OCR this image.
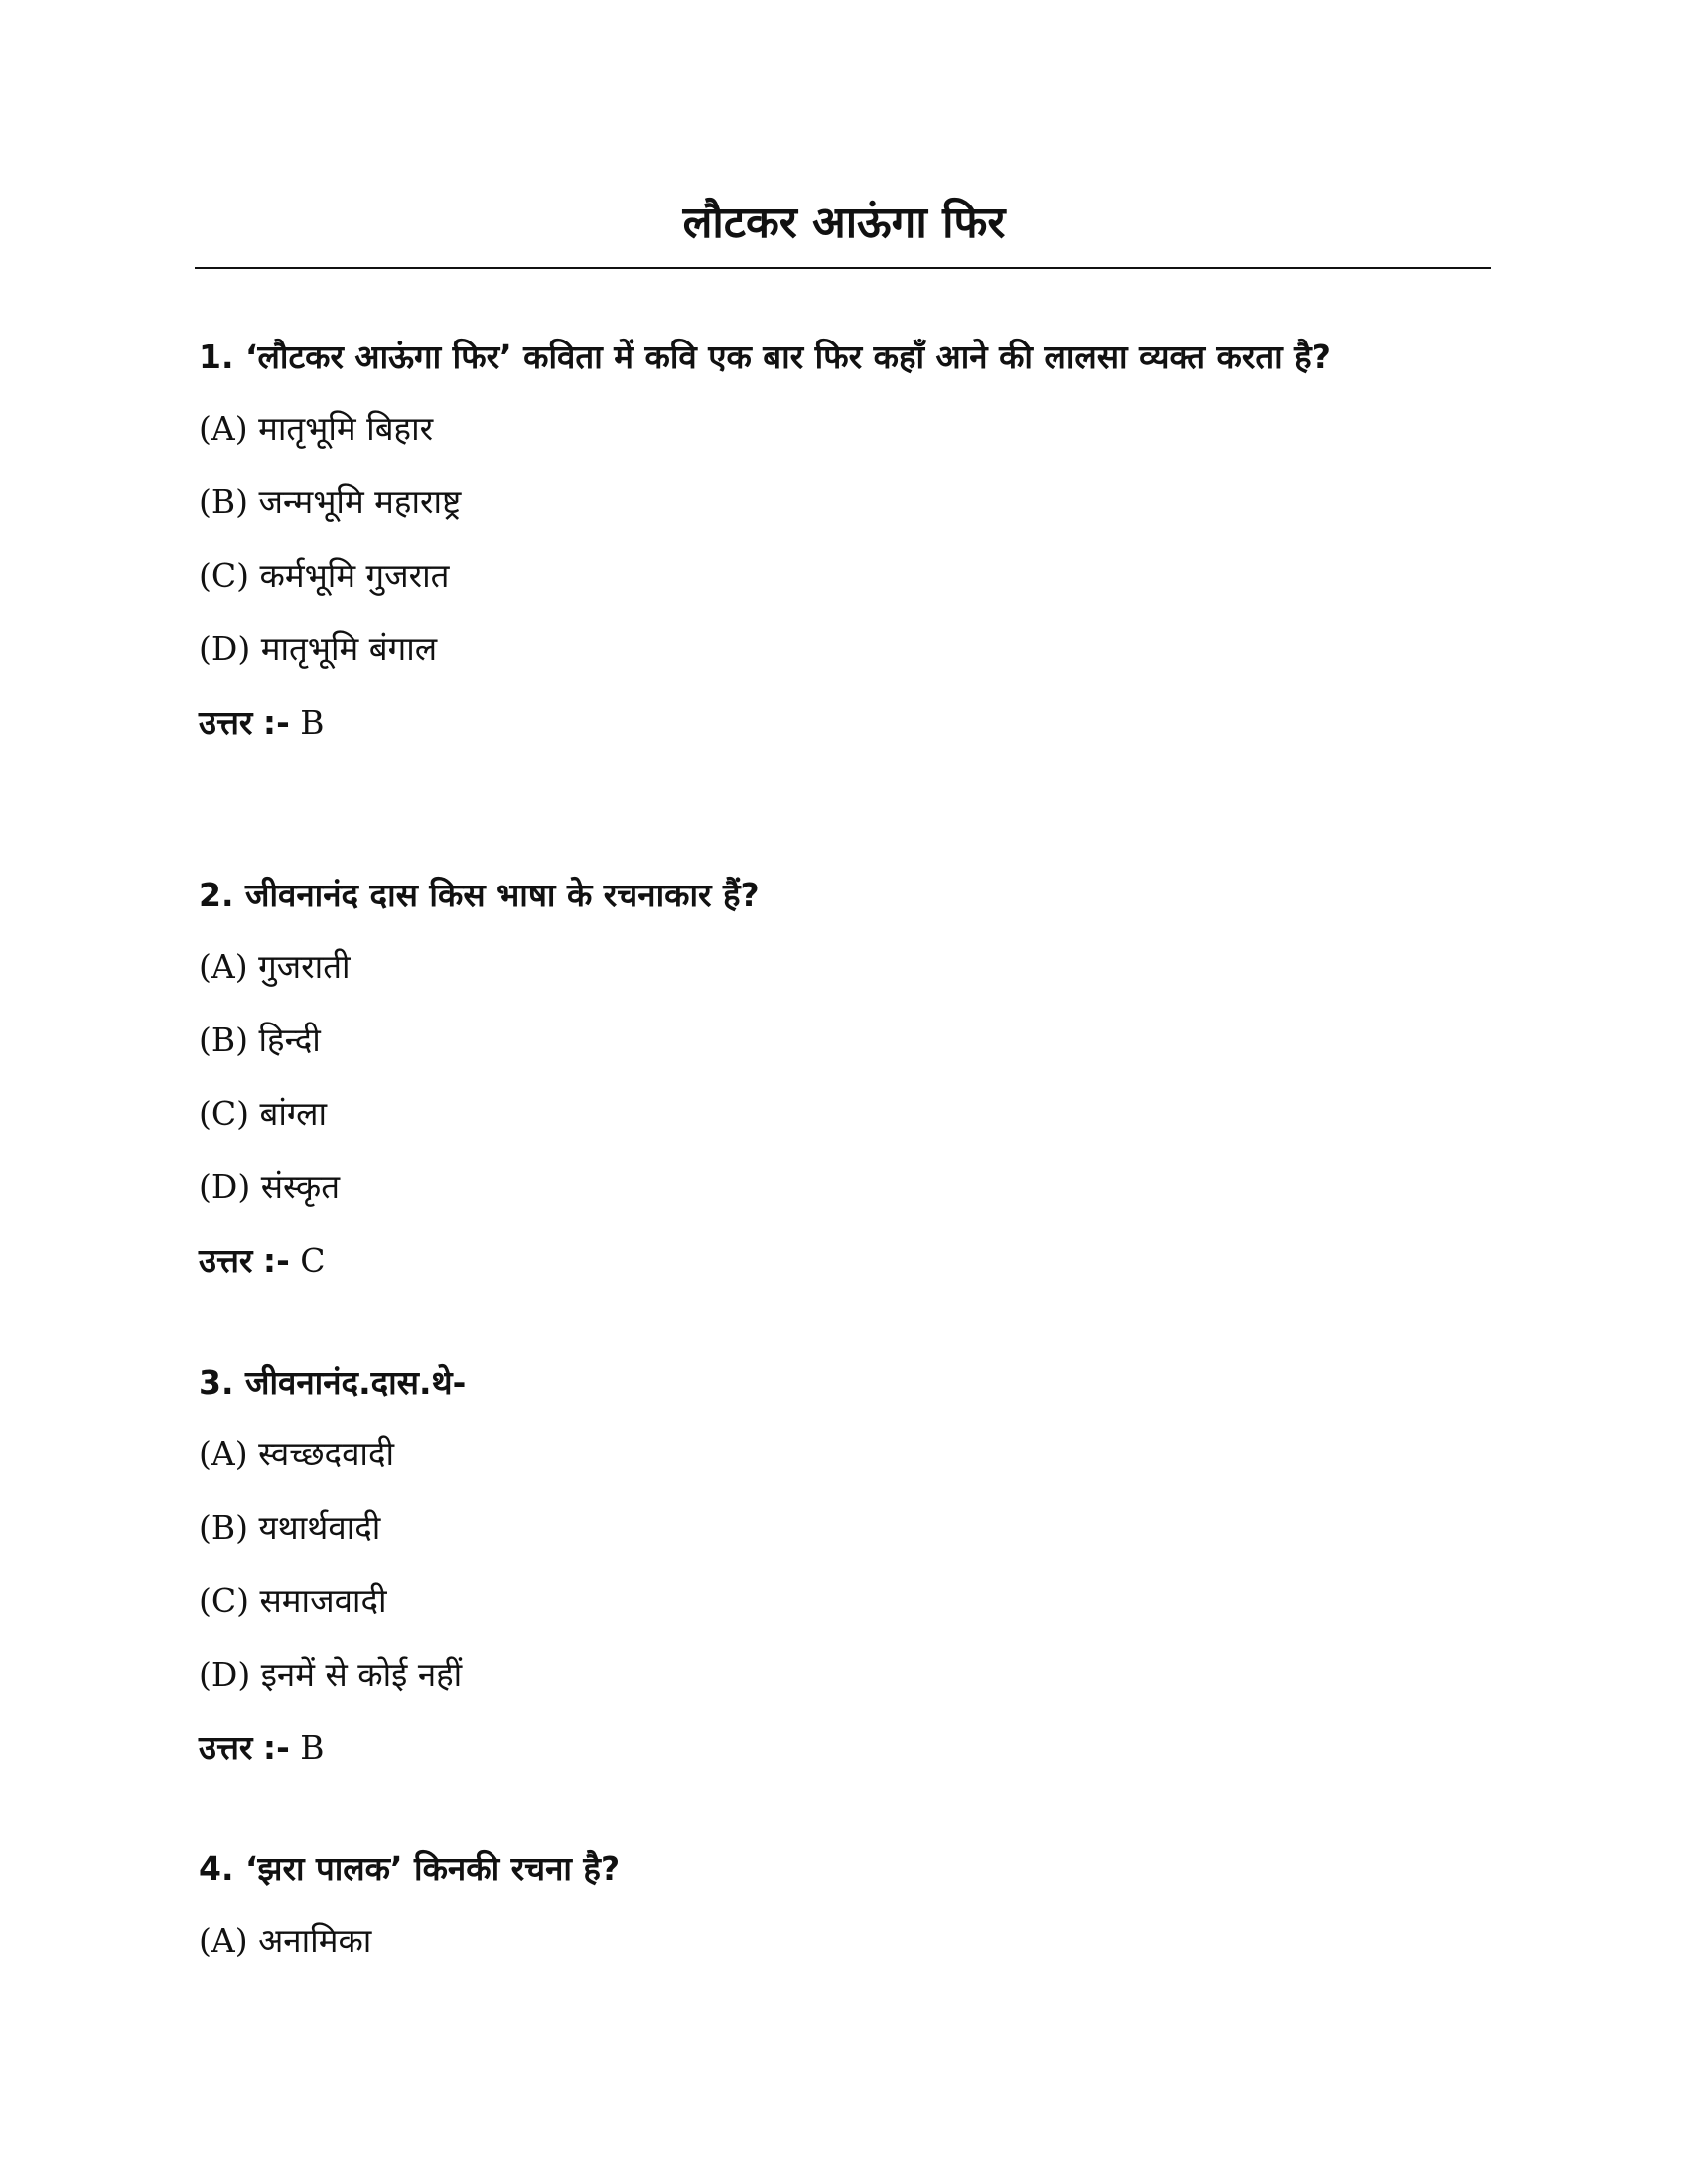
लौटकर आऊंगा फिर
1. ‘लौटकर आऊंगा फिर’ कविता में कवि एक बार फिर कहाँ आने की लालसा व्यक्त करता है?
(A) मातृभूमि बिहार
(B) जन्मभूमि महाराष्ट्र
(C) कर्मभूमि गुजरात
(D) मातृभूमि बंगाल
उत्तर :- B
2. जीवनानंद दास किस भाषा के रचनाकार हैं?
(A) गुजराती
(B) हिन्दी
(C) बांग्ला
(D) संस्कृत
उत्तर :- C
3. जीवनानंद.दास.थे-
(A) स्वच्छदवादी
(B) यथार्थवादी
(C) समाजवादी
(D) इनमें से कोई नहीं
उत्तर :- B
4. ‘झरा पालक’ किनकी रचना है?
(A) अनामिका
